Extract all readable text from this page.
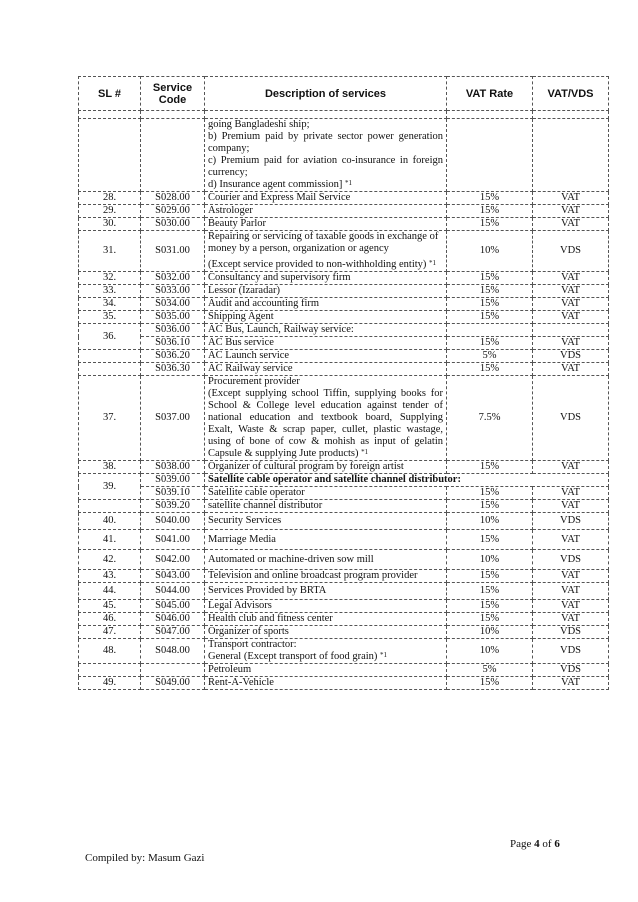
SL #	Service Code	Description of services	VAT Rate	VAT/VDS

		going Bangladeshi ship;
b) Premium paid by private sector power generation company;
c) Premium paid for aviation co-insurance in foreign currency;
d) Insurance agent commission] $^{*1}$

28.	S028.00	Courier and Express Mail Service	15%	VAT
29.	S029.00	Astrologer	15%	VAT
30.	S030.00	Beauty Parlor	15%	VAT
31.	S031.00	Repairing or servicing of taxable goods in exchange of money by a person, organization or agency
(Except service provided to non-withholding entity) $^{*1}$	10%	VDS
32.	S032.00	Consultancy and supervisory firm	15%	VAT
33.	S033.00	Lessor (Izaradar)	15%	VAT
34.	S034.00	Audit and accounting firm	15%	VAT
35.	S035.00	Shipping Agent	15%	VAT
36.	S036.00	AC Bus, Launch, Railway service:		
	S036.10	AC Bus service	15%	VAT
	S036.20	AC Launch service	5%	VDS
	S036.30	AC Railway service	15%	VAT
37.	S037.00	Procurement provider
(Except supplying school Tiffin, supplying books for School & College level education against tender of national education and textbook board, Supplying Exalt, Waste & scrap paper, cullet, plastic wastage, using of bone of cow & mohish as input of gelatin Capsule & supplying Jute products) $^{*1}$	7.5%	VDS
38.	S038.00	Organizer of cultural program by foreign artist	15%	VAT
39.	S039.00	Satellite cable operator and satellite channel distributor:		
	S039.10	Satellite cable operator	15%	VAT
	S039.20	satellite channel distributor	15%	VAT
40.	S040.00	Security Services	10%	VDS
41.	S041.00	Marriage Media	15%	VAT
42.	S042.00	Automated or machine-driven sow mill	10%	VDS
43.	S043.00	Television and online broadcast program provider	15%	VAT
44.	S044.00	Services Provided by BRTA	15%	VAT
45.	S045.00	Legal Advisors	15%	VAT
46.	S046.00	Health club and fitness center	15%	VAT
47.	S047.00	Organizer of sports	10%	VDS
48.	S048.00	Transport contractor:
General (Except transport of food grain) $^{*1}$	10%	VDS
		Petroleum	5%	VDS
49.	S049.00	Rent-A-Vehicle	15%	VAT
Page 4 of 6
Compiled by: Masum Gazi
